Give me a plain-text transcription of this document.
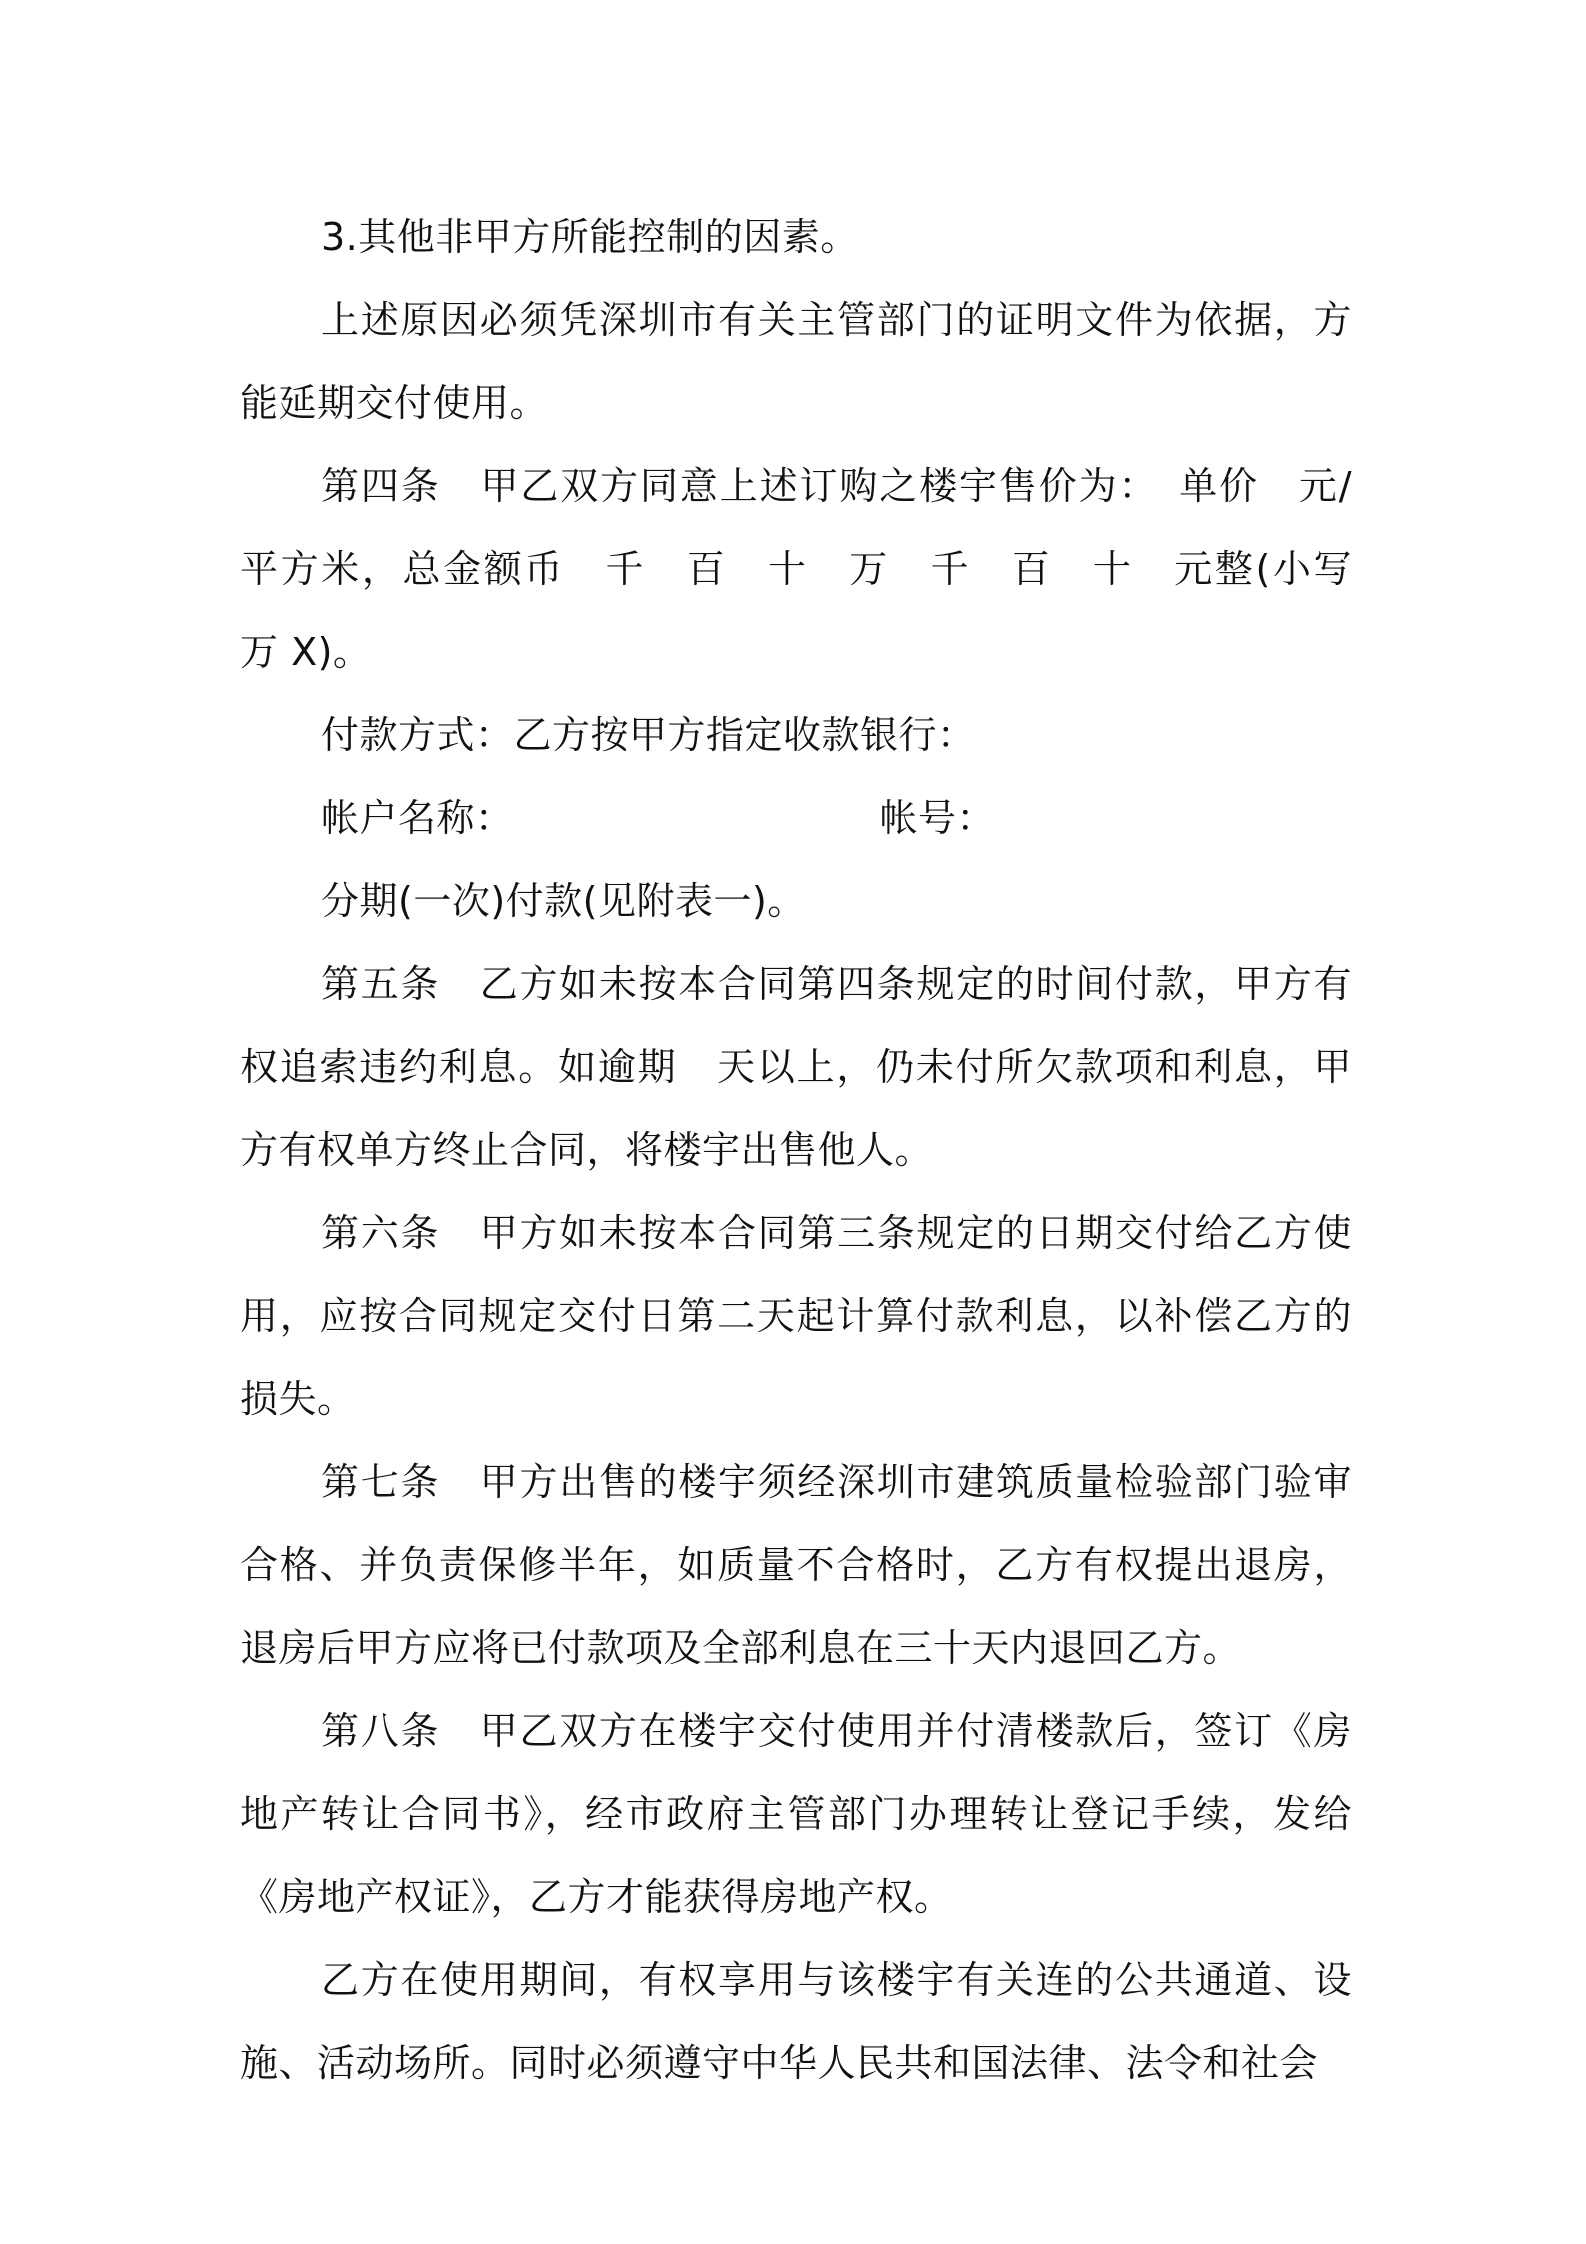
3.其他非甲方所能控制的因素。

上述原因必须凭深圳市有关主管部门的证明文件为依据，方能延期交付使用。

第四条　甲乙双方同意上述订购之楼宇售价为：　单价　元/平方米，总金额币　千　百　十　万　千　百　十　元整(小写　万 X)。

付款方式：乙方按甲方指定收款银行：

帐户名称：　　　　　　　　　　帐号：

分期(一次)付款(见附表一)。

第五条　乙方如未按本合同第四条规定的时间付款，甲方有权追索违约利息。如逾期　天以上，仍未付所欠款项和利息，甲方有权单方终止合同，将楼宇出售他人。

第六条　甲方如未按本合同第三条规定的日期交付给乙方使用，应按合同规定交付日第二天起计算付款利息，以补偿乙方的损失。

第七条　甲方出售的楼宇须经深圳市建筑质量检验部门验审合格、并负责保修半年，如质量不合格时，乙方有权提出退房，退房后甲方应将已付款项及全部利息在三十天内退回乙方。

第八条　甲乙双方在楼宇交付使用并付清楼款后，签订《房地产转让合同书》，经市政府主管部门办理转让登记手续，发给《房地产权证》，乙方才能获得房地产权。

乙方在使用期间，有权享用与该楼宇有关连的公共通道、设施、活动场所。同时必须遵守中华人民共和国法律、法令和社会
